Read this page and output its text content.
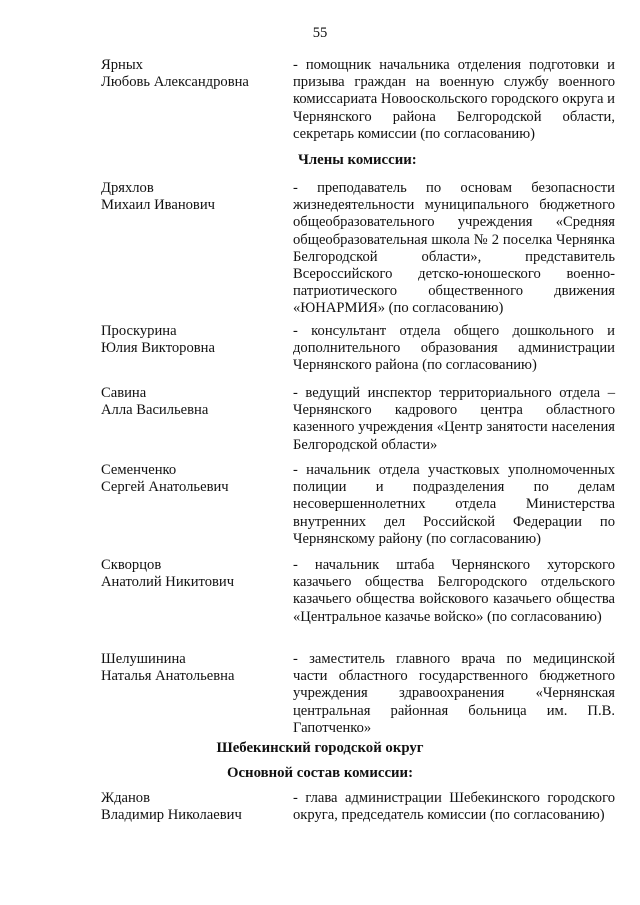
55
Ярных
Любовь Александровна
- помощник начальника отделения подготовки и призыва граждан на военную службу военного комиссариата Новооскольского городского округа и Чернянского района Белгородской области, секретарь комиссии (по согласованию)
Члены комиссии:
Дряхлов
Михаил Иванович
- преподаватель по основам безопасности жизнедеятельности муниципального бюджетного общеобразовательного учреждения «Средняя общеобразовательная школа № 2 поселка Чернянка Белгородской области», представитель Всероссийского детско-юношеского военно-патриотического общественного движения «ЮНАРМИЯ» (по согласованию)
Проскурина
Юлия Викторовна
- консультант отдела общего дошкольного и дополнительного образования администрации Чернянского района (по согласованию)
Савина
Алла Васильевна
- ведущий инспектор территориального отдела – Чернянского кадрового центра областного казенного учреждения «Центр занятости населения Белгородской области»
Семенченко
Сергей Анатольевич
- начальник отдела участковых уполномоченных полиции и подразделения по делам несовершеннолетних отдела Министерства внутренних дел Российской Федерации по Чернянскому району (по согласованию)
Скворцов
Анатолий Никитович
- начальник штаба Чернянского хуторского казачьего общества Белгородского отдельского казачьего общества войскового казачьего общества «Центральное казачье войско» (по согласованию)
Шелушинина
Наталья Анатольевна
- заместитель главного врача по медицинской части областного государственного бюджетного учреждения здравоохранения «Чернянская центральная районная больница им. П.В. Гапотченко»
Шебекинский городской округ
Основной состав комиссии:
Жданов
Владимир Николаевич
- глава администрации Шебекинского городского округа, председатель комиссии (по согласованию)
